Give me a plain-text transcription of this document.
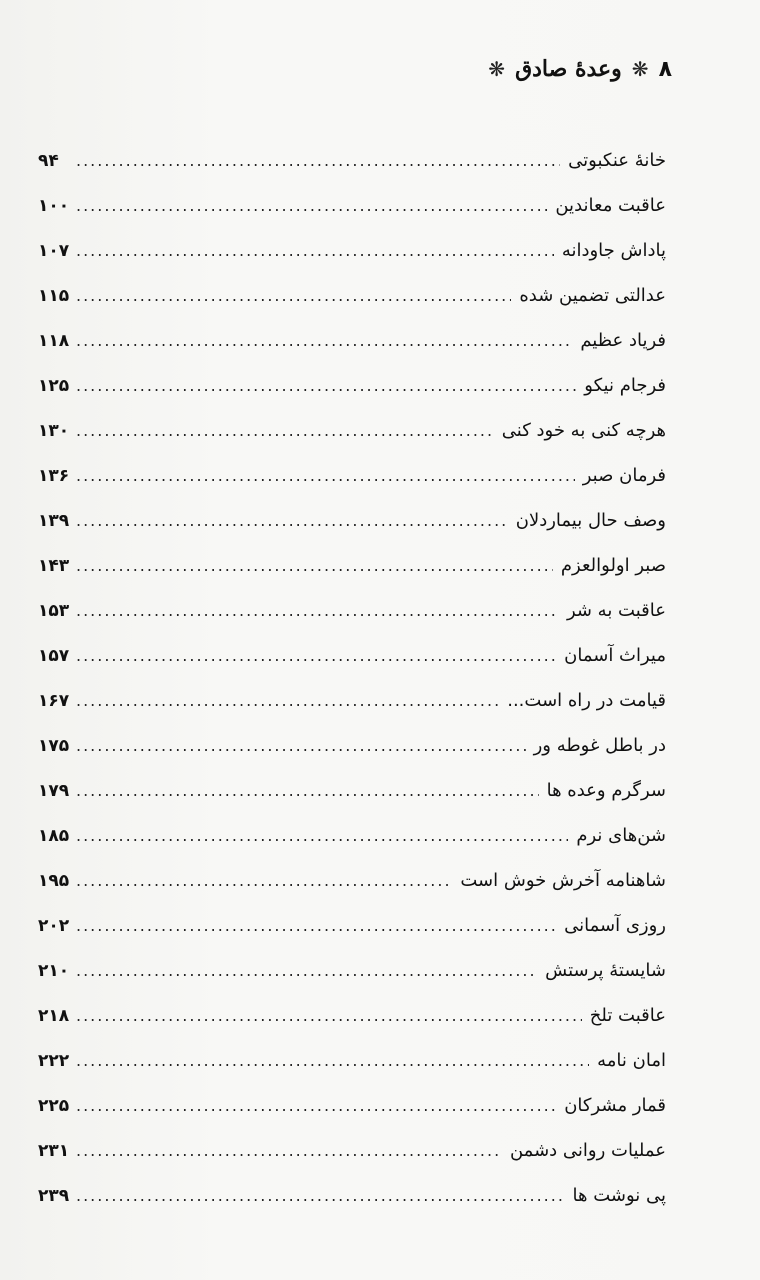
۸
❋
وعدهٔ صادق
❋
خانهٔ عنکبوتی
.....
۹۴
عاقبت معاندین
.....
۱۰۰
پاداش جاودانه
.....
۱۰۷
عدالتی تضمین شده
.....
۱۱۵
فریاد عظیم
.....
۱۱۸
فرجام نیکو
.....
۱۲۵
هرچه کنی به خود کنی
.....
۱۳۰
فرمان صبر
.....
۱۳۶
وصف حال بیماردلان
.....
۱۳۹
صبر اولوالعزم
.....
۱۴۳
عاقبت به شر
.....
۱۵۳
میراث آسمان
.....
۱۵۷
قیامت در راه است...
.....
۱۶۷
در باطل غوطه ور
.....
۱۷۵
سرگرم وعده ها
.....
۱۷۹
شن‌های نرم
.....
۱۸۵
شاهنامه آخرش خوش است
.....
۱۹۵
روزی آسمانی
.....
۲۰۲
شایستهٔ پرستش
.....
۲۱۰
عاقبت تلخ
.....
۲۱۸
امان نامه
.....
۲۲۲
قمار مشرکان
.....
۲۲۵
عملیات روانی دشمن
.....
۲۳۱
پی نوشت ها
.....
۲۳۹
